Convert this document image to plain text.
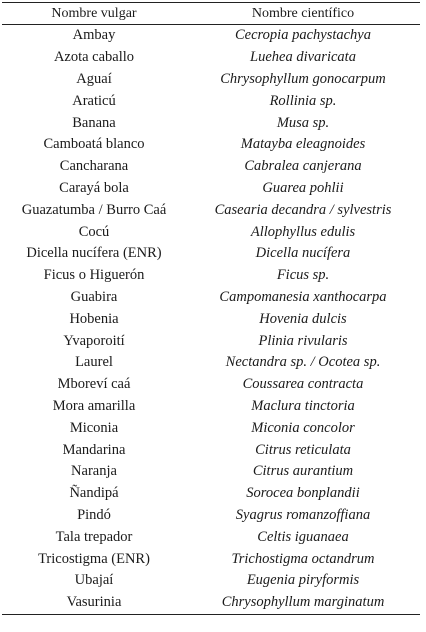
Nombre vulgar	Nombre científico
Ambay	Cecropia pachystachya
Azota caballo	Luehea divaricata
Aguaí	Chrysophyllum gonocarpum
Araticú	Rollinia sp.
Banana	Musa sp.
Camboatá blanco	Matayba eleagnoides
Cancharana	Cabralea canjerana
Carayá bola	Guarea pohlii
Guazatumba / Burro Caá	Casearia decandra / sylvestris
Cocú	Allophyllus edulis
Dicella nucífera (ENR)	Dicella nucífera
Ficus o Higuerón	Ficus sp.
Guabira	Campomanesia xanthocarpa
Hobenia	Hovenia dulcis
Yvaporoití	Plinia rivularis
Laurel	Nectandra sp. / Ocotea sp.
Mboreví caá	Coussarea contracta
Mora amarilla	Maclura tinctoria
Miconia	Miconia concolor
Mandarina	Citrus reticulata
Naranja	Citrus aurantium
Ñandipá	Sorocea bonplandii
Pindó	Syagrus romanzoffiana
Tala trepador	Celtis iguanaea
Tricostigma (ENR)	Trichostigma octandrum
Ubajaí	Eugenia piryformis
Vasurinia	Chrysophyllum marginatum
